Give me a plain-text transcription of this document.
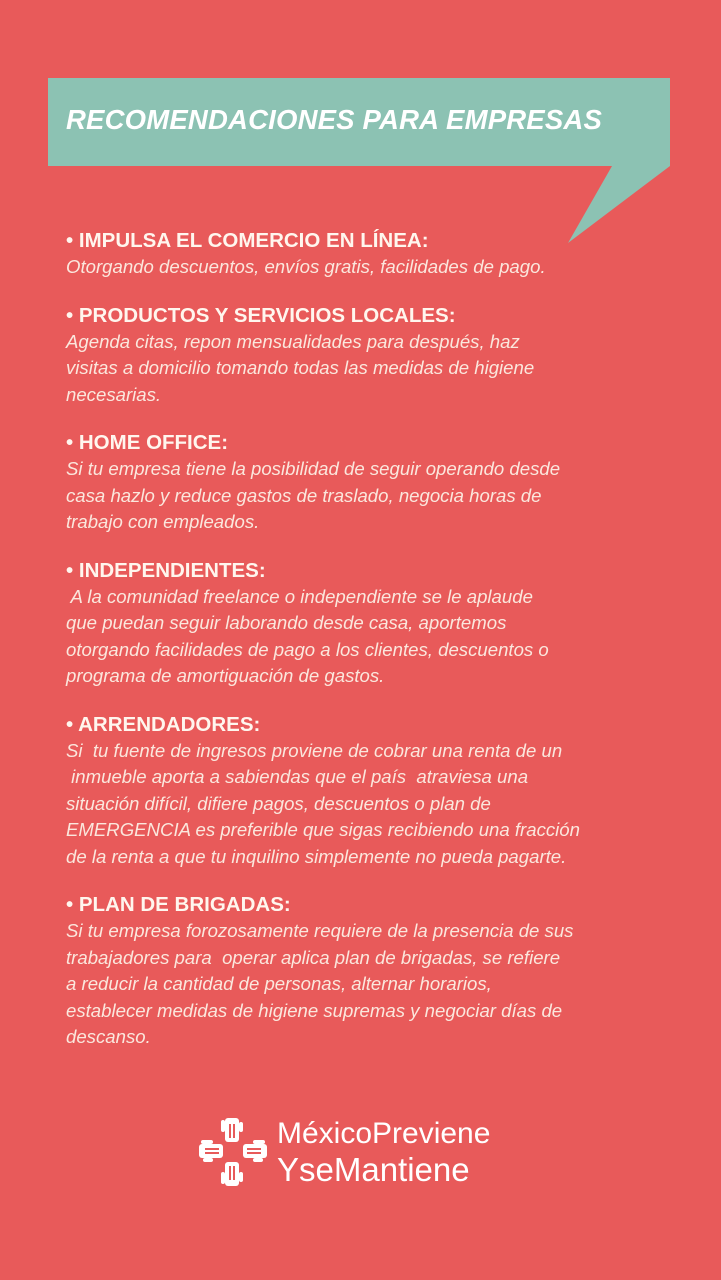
RECOMENDACIONES PARA EMPRESAS
• IMPULSA EL COMERCIO EN LÍNEA:
Otorgando descuentos, envíos gratis, facilidades de pago.
• PRODUCTOS Y SERVICIOS LOCALES:
Agenda citas, repon mensualidades para después, haz
visitas a domicilio tomando todas las medidas de higiene
necesarias.
• HOME OFFICE:
Si tu empresa tiene la posibilidad de seguir operando desde
casa hazlo y reduce gastos de traslado, negocia horas de
trabajo con empleados.
• INDEPENDIENTES:
A la comunidad freelance o independiente se le aplaude
que puedan seguir laborando desde casa, aportemos
otorgando facilidades de pago a los clientes, descuentos o
programa de amortiguación de gastos.
• ARRENDADORES:
Si  tu fuente de ingresos proviene de cobrar una renta de un
inmueble aporta a sabiendas que el país  atraviesa una
situación difícil, difiere pagos, descuentos o plan de
EMERGENCIA es preferible que sigas recibiendo una fracción
de la renta a que tu inquilino simplemente no pueda pagarte.
• PLAN DE BRIGADAS:
Si tu empresa forozosamente requiere de la presencia de sus
trabajadores para  operar aplica plan de brigadas, se refiere
a reducir la cantidad de personas, alternar horarios,
establecer medidas de higiene supremas y negociar días de
descanso.
MéxicoPreviene
YseMantiene
